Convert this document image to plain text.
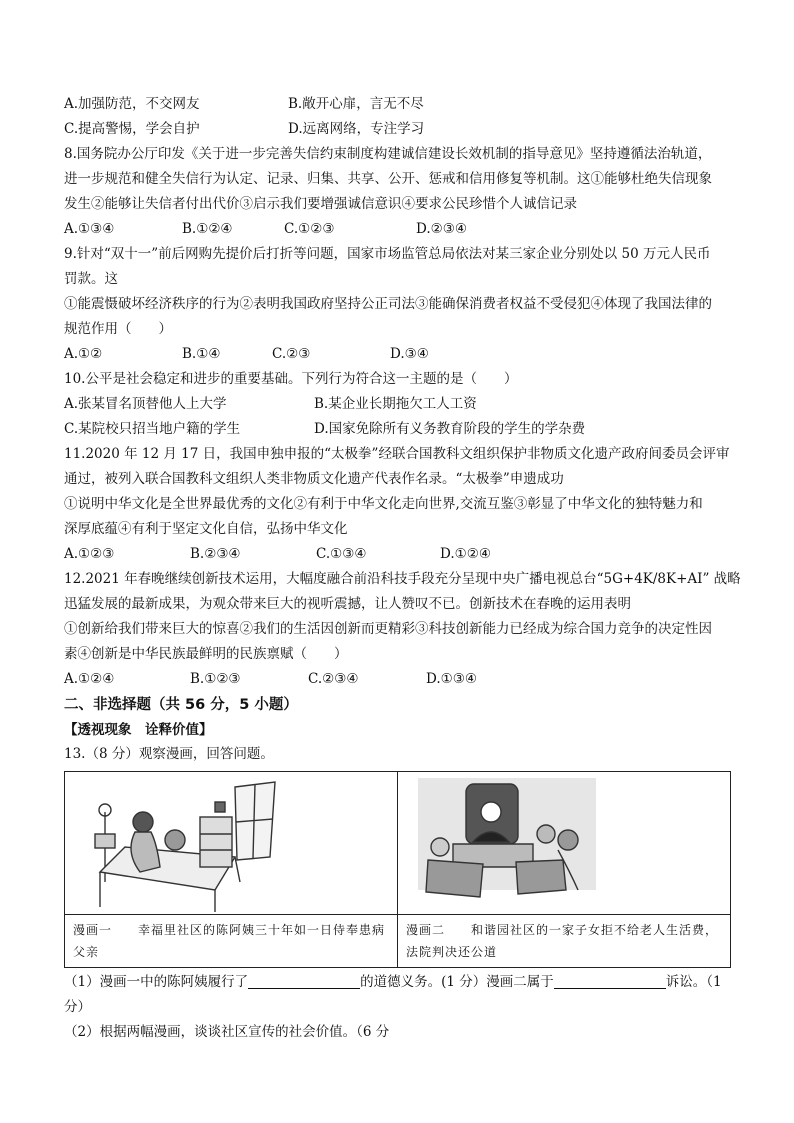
A.加强防范，不交网友	B.敞开心扉，言无不尽
C.提高警惕，学会自护	D.远离网络，专注学习
8.国务院办公厅印发《关于进一步完善失信约束制度构建诚信建设长效机制的指导意见》坚持遵循法治轨道，
进一步规范和健全失信行为认定、记录、归集、共享、公开、惩戒和信用修复等机制。这①能够杜绝失信现象
发生②能够让失信者付出代价③启示我们要增强诚信意识④要求公民珍惜个人诚信记录
A.①③④	B.①②④	C.①②③	D.②③④
9.针对“双十一”前后网购先提价后打折等问题，国家市场监管总局依法对某三家企业分别处以 50 万元人民币
罚款。这
①能震慑破坏经济秩序的行为②表明我国政府坚持公正司法③能确保消费者权益不受侵犯④体现了我国法律的
规范作用（　　）
A.①②	B.①④	C.②③	D.③④
10.公平是社会稳定和进步的重要基础。下列行为符合这一主题的是（　　）
A.张某冒名顶替他人上大学	B.某企业长期拖欠工人工资
C.某院校只招当地户籍的学生	D.国家免除所有义务教育阶段的学生的学杂费
11.2020 年 12 月 17 日，我国申独申报的“太极拳”经联合国教科文组织保护非物质文化遗产政府间委员会评审
通过，被列入联合国教科文组织人类非物质文化遗产代表作名录。“太极拳”申遗成功
①说明中华文化是全世界最优秀的文化②有利于中华文化走向世界,交流互鉴③彰显了中华文化的独特魅力和
深厚底蕴④有利于坚定文化自信，弘扬中华文化
A.①②③	B.②③④	C.①③④	D.①②④
12.2021 年春晚继续创新技术运用，大幅度融合前沿科技手段充分呈现中央广播电视总台“5G+4K/8K+AI” 战略
迅猛发展的最新成果，为观众带来巨大的视听震撼，让人赞叹不已。创新技术在春晚的运用表明
①创新给我们带来巨大的惊喜②我们的生活因创新而更精彩③科技创新能力已经成为综合国力竞争的决定性因
素④创新是中华民族最鲜明的民族禀赋（　　）
A.①②④	B.①②③	C.②③④	D.①③④
二、非选择题（共 56 分，5 小题）
【透视现象　诠释价值】
13.（8 分）观察漫画，回答问题。
漫画一　　幸福里社区的陈阿姨三十年如一日侍奉患病父亲
漫画二　　和谐园社区的一家子女拒不给老人生活费，法院判决还公道
（1）漫画一中的陈阿姨履行了	的道德义务。(1 分）漫画二属于	诉讼。（1
分）
（2）根据两幅漫画，谈谈社区宣传的社会价值。（6 分
